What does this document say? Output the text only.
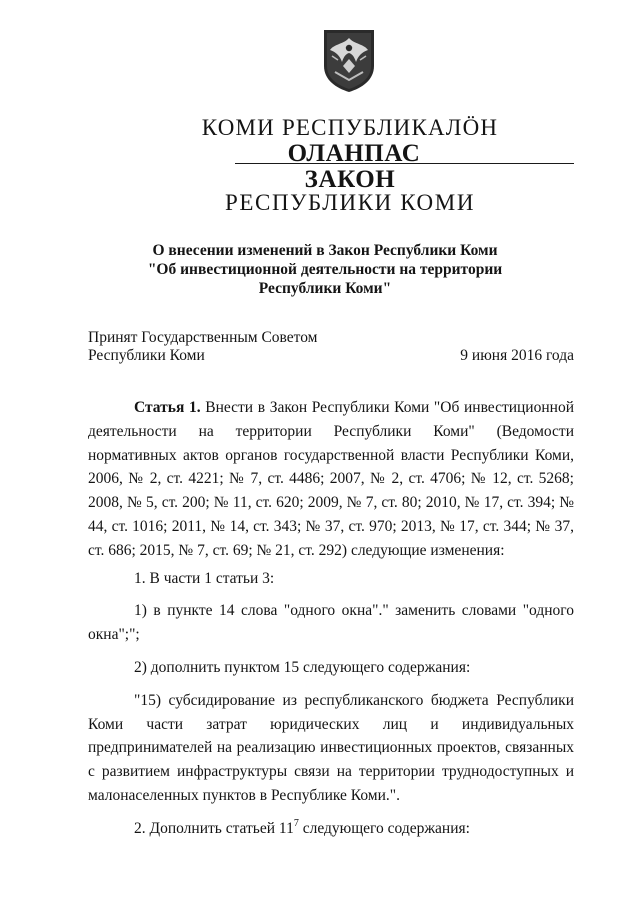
КОМИ РЕСПУБЛИКАЛÖН
ОЛАНПАС
ЗАКОН
РЕСПУБЛИКИ КОМИ
О внесении изменений в Закон Республики Коми
"Об инвестиционной деятельности на территории
Республики Коми"
Принят Государственным Советом
Республики Коми	9 июня 2016 года

Статья 1. Внести в Закон Республики Коми "Об инвестиционной деятельности на территории Республики Коми" (Ведомости нормативных актов органов государственной власти Республики Коми, 2006, № 2, ст. 4221; № 7, ст. 4486; 2007, № 2, ст. 4706; № 12, ст. 5268; 2008, № 5, ст. 200; № 11, ст. 620; 2009, № 7, ст. 80; 2010, № 17, ст. 394; № 44, ст. 1016; 2011, № 14, ст. 343; № 37, ст. 970; 2013, № 17, ст. 344; № 37, ст. 686; 2015, № 7, ст. 69; № 21, ст. 292) следующие изменения:

1. В части 1 статьи 3:

1) в пункте 14 слова "одного окна"." заменить словами "одного окна";";

2) дополнить пунктом 15 следующего содержания:

"15) субсидирование из республиканского бюджета Республики Коми части затрат юридических лиц и индивидуальных предпринимателей на реализацию инвестиционных проектов, связанных с развитием инфраструктуры связи на территории труднодоступных и малонаселенных пунктов в Республике Коми.".

2. Дополнить статьей $11^7$ следующего содержания:
